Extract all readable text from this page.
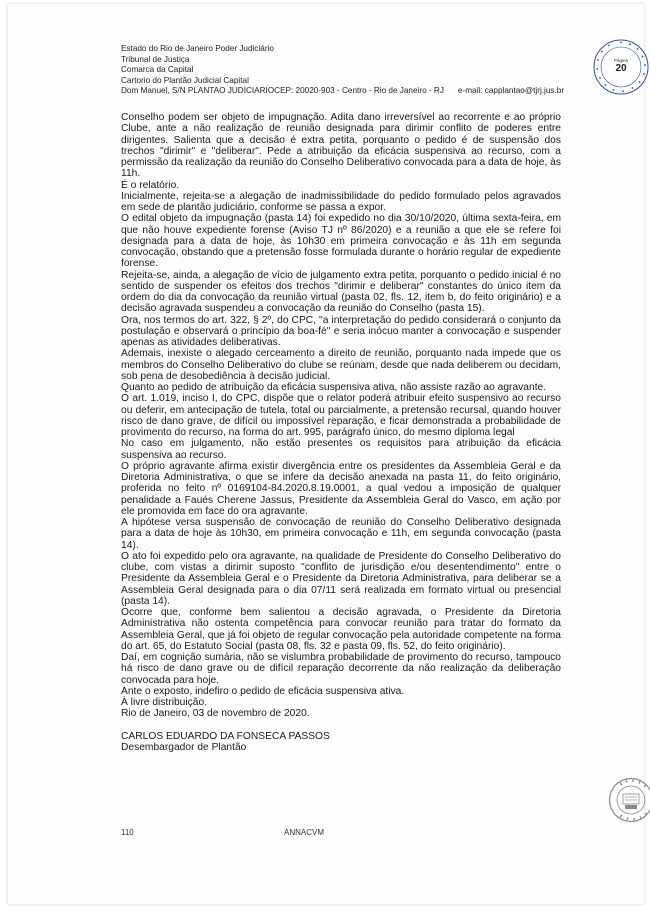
Estado do Rio de Janeiro Poder Judiciário
Tribunal de Justiça
Comarca da Capital
Cartorio do Plantão Judicial Capital
Dom Manuel, S/N PLANTAO JUDICIARIOCEP: 20020-903 - Centro - Rio de Janeiro - RJ e-mail: capplantao@tjrj.jus.br
Página
20

Conselho podem ser objeto de impugnação. Adita dano irreversível ao recorrente e ao próprio Clube, ante a não realização de reunião designada para dirimir conflito de poderes entre dirigentes. Salienta que a decisão é extra petita, porquanto o pedido é de suspensão dos trechos "dirimir" e "deliberar". Pede a atribuição da eficácia suspensiva ao recurso, com a permissão da realização da reunião do Conselho Deliberativo convocada para a data de hoje, às 11h.

É o relatório.

Inicialmente, rejeita-se a alegação de inadmissibilidade do pedido formulado pelos agravados em sede de plantão judiciário, conforme se passa a expor.

O edital objeto da impugnação (pasta 14) foi expedido no dia 30/10/2020, última sexta-feira, em que não houve expediente forense (Aviso TJ nº 86/2020) e a reunião a que ele se refere foi designada para a data de hoje, às 10h30 em primeira convocação e às 11h em segunda convocação, obstando que a pretensão fosse formulada durante o horário regular de expediente forense.

Rejeita-se, ainda, a alegação de vício de julgamento extra petita, porquanto o pedido inicial é no sentido de suspender os efeitos dos trechos "dirimir e deliberar" constantes do único item da ordem do dia da convocação da reunião virtual (pasta 02, fls. 12, item b, do feito originário) e a decisão agravada suspendeu a convocação da reunião do Conselho (pasta 15).

Ora, nos termos do art. 322, § 2º, do CPC, "a interpretação do pedido considerará o conjunto da postulação e observará o princípio da boa-fé" e seria inócuo manter a convocação e suspender apenas as atividades deliberativas.

Ademais, inexiste o alegado cerceamento a direito de reunião, porquanto nada impede que os membros do Conselho Deliberativo do clube se reúnam, desde que nada deliberem ou decidam, sob pena de desobediência à decisão judicial.

Quanto ao pedido de atribuição da eficácia suspensiva ativa, não assiste razão ao agravante.

O art. 1.019, inciso I, do CPC, dispõe que o relator poderá atribuir efeito suspensivo ao recurso ou deferir, em antecipação de tutela, total ou parcialmente, a pretensão recursal, quando houver risco de dano grave, de difícil ou impossível reparação, e ficar demonstrada a probabilidade de provimento do recurso, na forma do art. 995, parágrafo único, do mesmo diploma legal

No caso em julgamento, não estão presentes os requisitos para atribuição da eficácia suspensiva ao recurso.

O próprio agravante afirma existir divergência entre os presidentes da Assembleia Geral e da Diretoria Administrativa, o que se infere da decisão anexada na pasta 11, do feito originário, proferida no feito nº 0169104-84.2020.8.19.0001, a qual vedou a imposição de qualquer penalidade a Faués Cherene Jassus, Presidente da Assembleia Geral do Vasco, em ação por ele promovida em face do ora agravante.

A hipótese versa suspensão de convocação de reunião do Conselho Deliberativo designada para a data de hoje às 10h30, em primeira convocação e 11h, em segunda convocação (pasta 14).

O ato foi expedido pelo ora agravante, na qualidade de Presidente do Conselho Deliberativo do clube, com vistas a dirimir suposto "conflito de jurisdição e/ou desentendimento" entre o Presidente da Assembleia Geral e o Presidente da Diretoria Administrativa, para deliberar se a Assembleia Geral designada para o dia 07/11 será realizada em formato virtual ou presencial (pasta 14).

Ocorre que, conforme bem salientou a decisão agravada, o Presidente da Diretoria Administrativa não ostenta competência para convocar reunião para tratar do formato da Assembleia Geral, que já foi objeto de regular convocação pela autoridade competente na forma do art. 65, do Estatuto Social (pasta 08, fls. 32 e pasta 09, fls. 52, do feito originário).

Daí, em cognição sumária, não se vislumbra probabilidade de provimento do recurso, tampouco há risco de dano grave ou de difícil reparação decorrente da não realização da deliberação convocada para hoje.

Ante o exposto, indefiro o pedido de eficácia suspensiva ativa.

À livre distribuição.

Rio de Janeiro, 03 de novembro de 2020.

CARLOS EDUARDO DA FONSECA PASSOS

Desembargador de Plantão

110	ANNACVM
